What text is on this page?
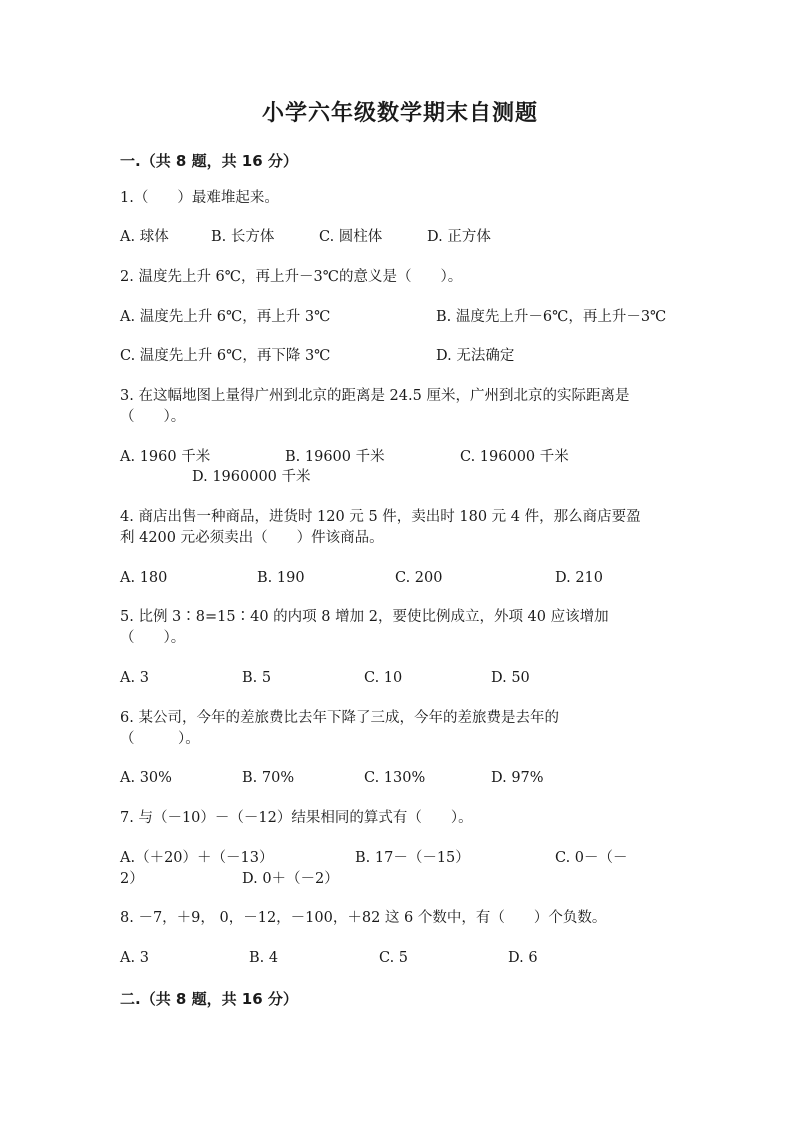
小学六年级数学期末自测题
一.（共 8 题，共 16 分）
1.（　　）最难堆起来。
A. 球体	B. 长方体	C. 圆柱体	D. 正方体
2. 温度先上升 6℃，再上升－3℃的意义是（　　）。
A. 温度先上升 6℃，再上升 3℃	B. 温度先上升－6℃，再上升－3℃
C. 温度先上升 6℃，再下降 3℃	D. 无法确定
3. 在这幅地图上量得广州到北京的距离是 24.5 厘米，广州到北京的实际距离是
（　　）。
A. 1960 千米	B. 19600 千米	C. 196000 千米
D. 1960000 千米
4. 商店出售一种商品，进货时 120 元 5 件，卖出时 180 元 4 件，那么商店要盈
利 4200 元必须卖出（　　）件该商品。
A. 180	B. 190	C. 200	D. 210
5. 比例 3∶8=15∶40 的内项 8 增加 2，要使比例成立，外项 40 应该增加
（　　）。
A. 3	B. 5	C. 10	D. 50
6. 某公司，今年的差旅费比去年下降了三成，今年的差旅费是去年的
（　　　）。
A. 30%	B. 70%	C. 130%	D. 97%
7. 与（－10）－（－12）结果相同的算式有（　　）。
A.（＋20）＋（－13）	B. 17－（－15）	C. 0－（－
2）	D. 0＋（－2）
8. －7，＋9， 0，－12，－100，＋82 这 6 个数中，有（　　）个负数。
A. 3	B. 4	C. 5	D. 6
二.（共 8 题，共 16 分）
